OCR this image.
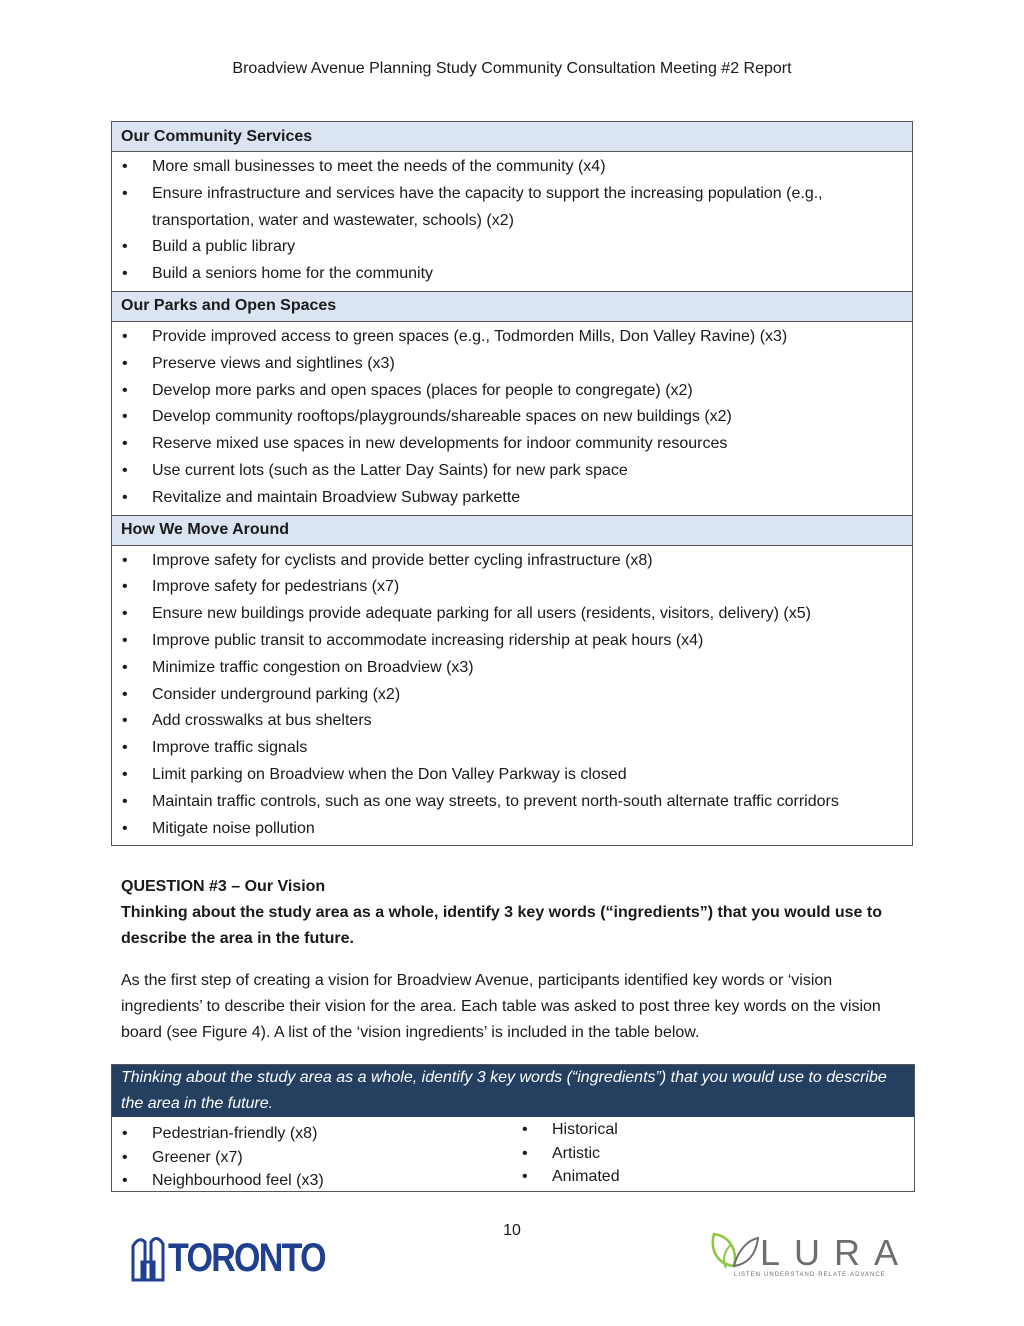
Broadview Avenue Planning Study Community Consultation Meeting #2 Report
Our Community Services

• More small businesses to meet the needs of the community (x4)
• Ensure infrastructure and services have the capacity to support the increasing population (e.g., transportation, water and wastewater, schools) (x2)
• Build a public library
• Build a seniors home for the community

Our Parks and Open Spaces

• Provide improved access to green spaces (e.g., Todmorden Mills, Don Valley Ravine) (x3)
• Preserve views and sightlines (x3)
• Develop more parks and open spaces (places for people to congregate) (x2)
• Develop community rooftops/playgrounds/shareable spaces on new buildings (x2)
• Reserve mixed use spaces in new developments for indoor community resources
• Use current lots (such as the Latter Day Saints) for new park space
• Revitalize and maintain Broadview Subway parkette

How We Move Around

• Improve safety for cyclists and provide better cycling infrastructure (x8)
• Improve safety for pedestrians (x7)
• Ensure new buildings provide adequate parking for all users (residents, visitors, delivery) (x5)
• Improve public transit to accommodate increasing ridership at peak hours (x4)
• Minimize traffic congestion on Broadview (x3)
• Consider underground parking (x2)
• Add crosswalks at bus shelters
• Improve traffic signals
• Limit parking on Broadview when the Don Valley Parkway is closed
• Maintain traffic controls, such as one way streets, to prevent north-south alternate traffic corridors
• Mitigate noise pollution
QUESTION #3 – Our Vision
Thinking about the study area as a whole, identify 3 key words (“ingredients”) that you would use to describe the area in the future.
As the first step of creating a vision for Broadview Avenue, participants identified key words or ‘vision ingredients’ to describe their vision for the area. Each table was asked to post three key words on the vision board (see Figure 4). A list of the ‘vision ingredients’ is included in the table below.
Thinking about the study area as a whole, identify 3 key words (“ingredients”) that you would use to describe the area in the future.
• Pedestrian-friendly (x8)
• Greener (x7)
• Neighbourhood feel (x3)
• Historical
• Artistic
• Animated
10
TORONTO	LURA
LISTEN·UNDERSTAND·RELATE·ADVANCE
